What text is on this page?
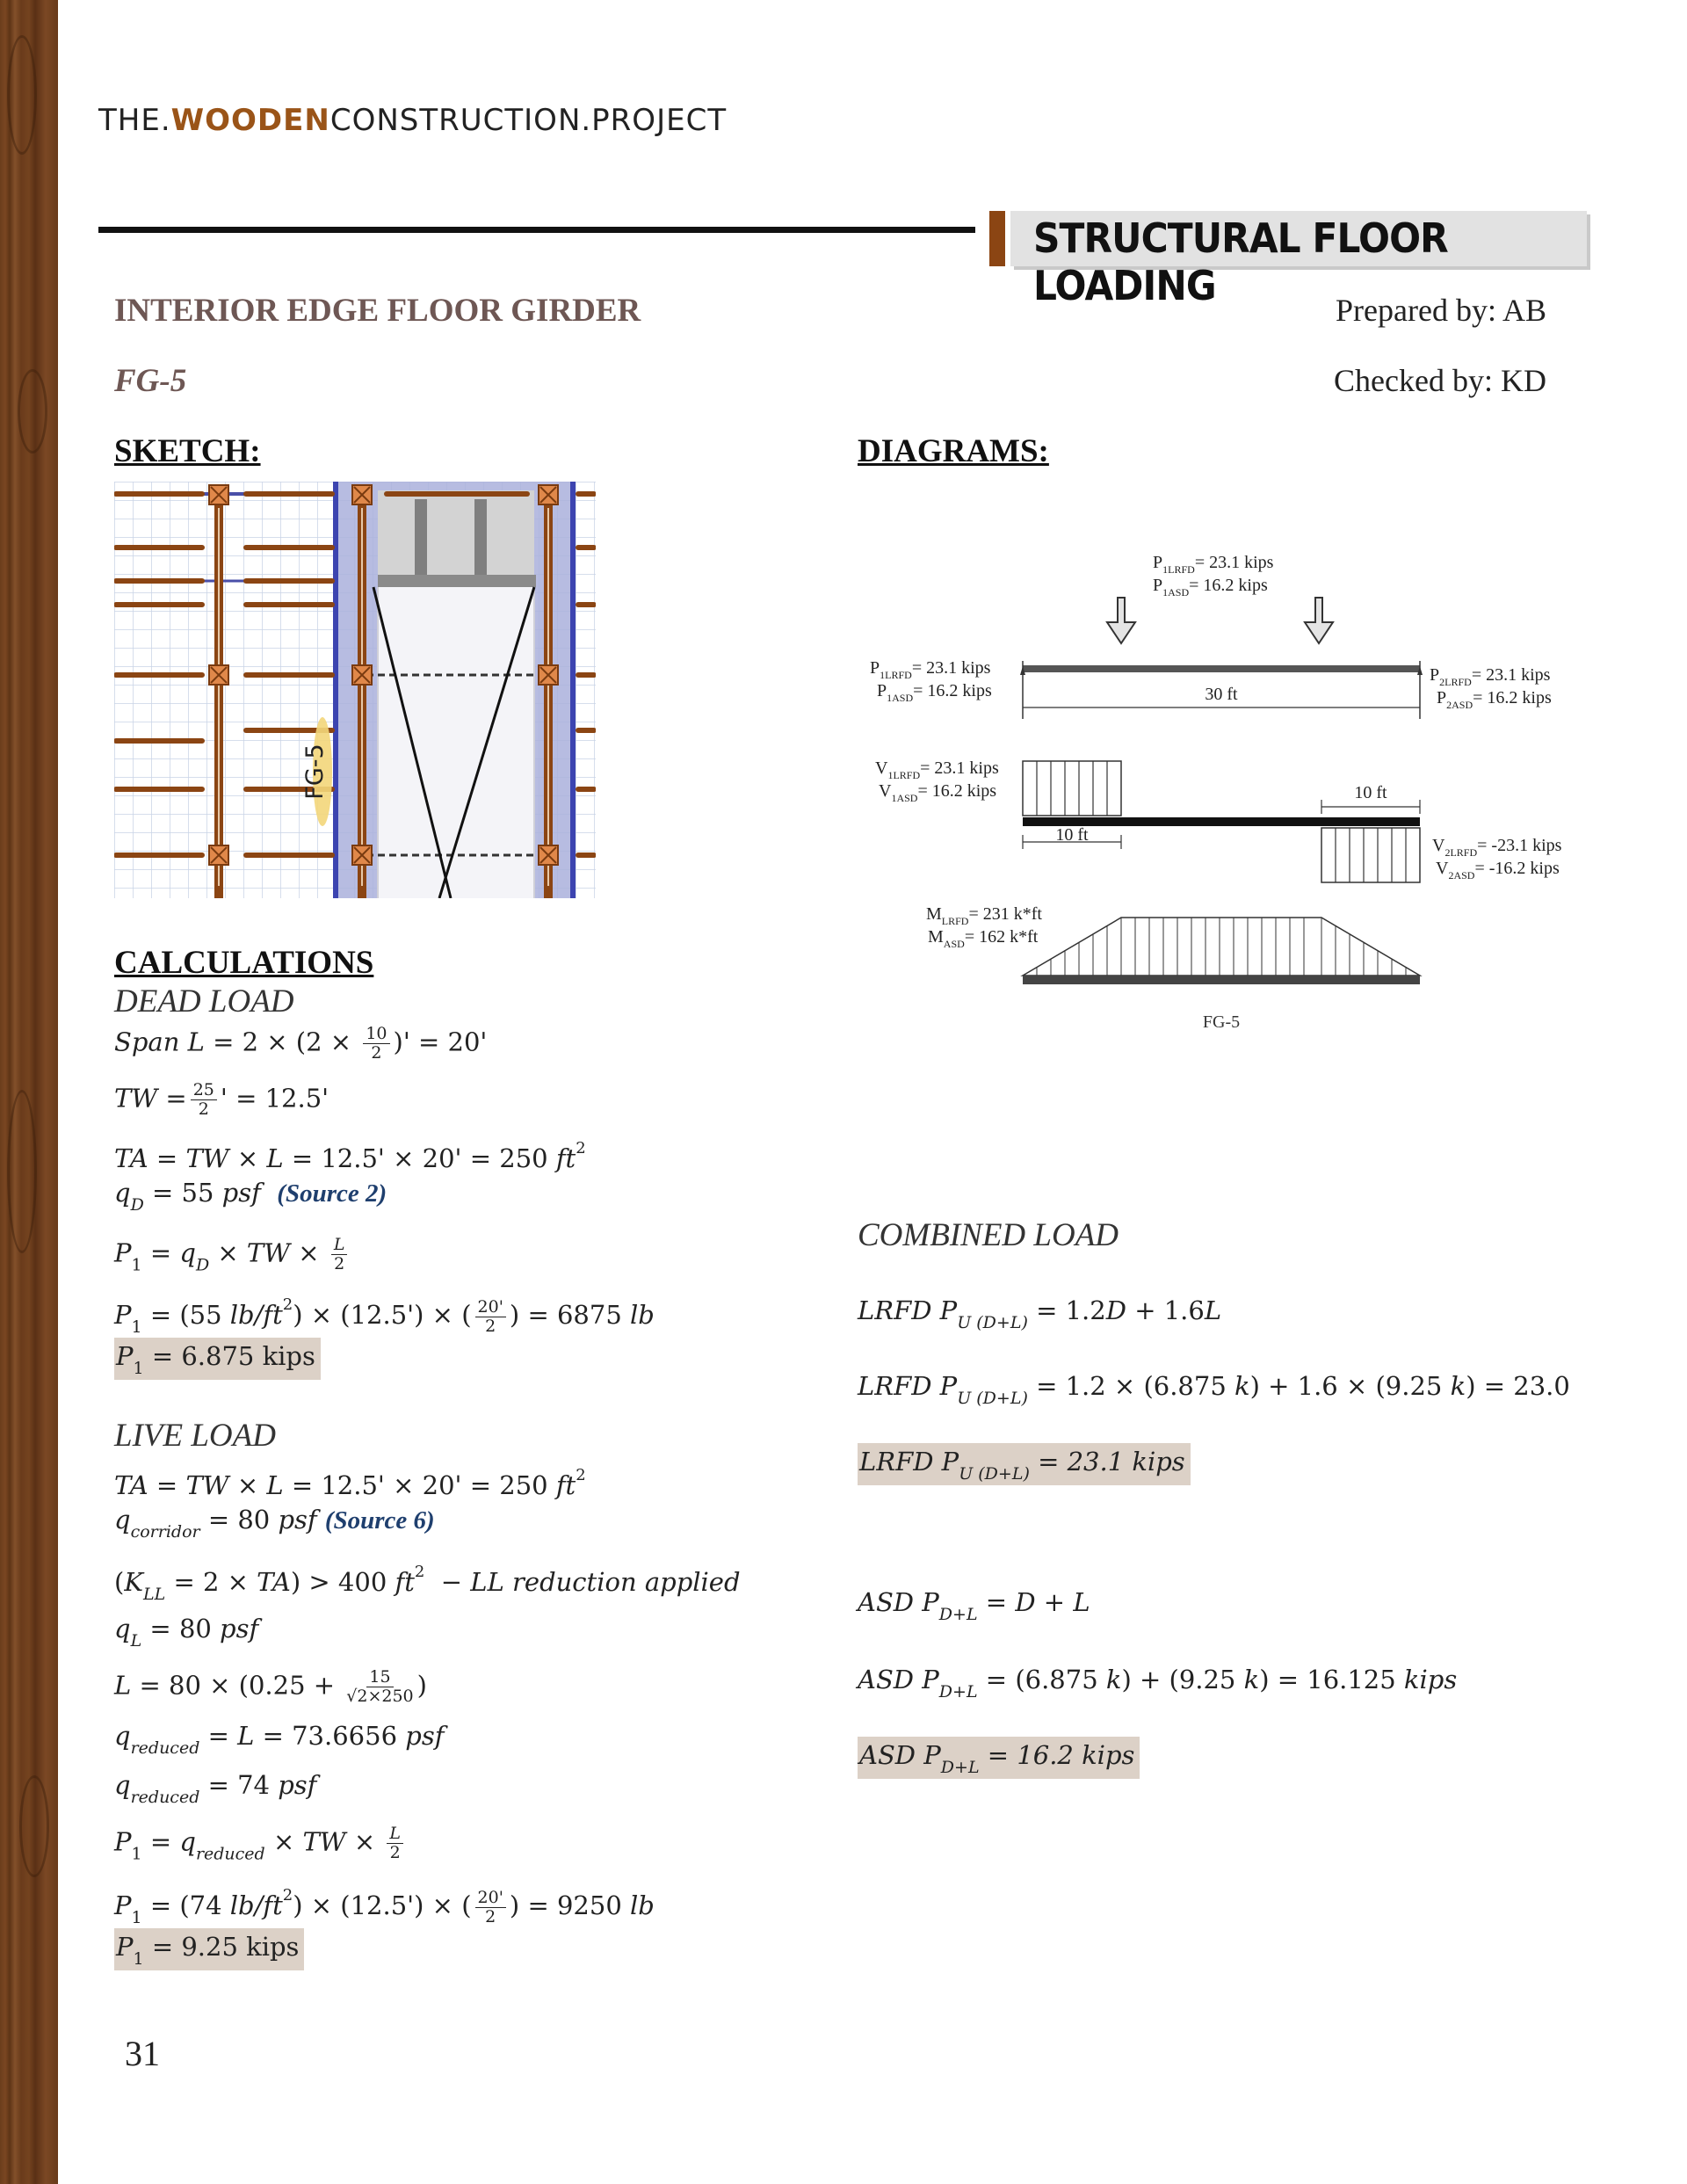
THE.WOODENCONSTRUCTION.PROJECT
STRUCTURAL FLOOR LOADING
INTERIOR EDGE FLOOR GIRDER
FG-5
Prepared by: AB
Checked by: KD
SKETCH:	DIAGRAMS:
FG-5
$P_{1LRFD}= 23.1$ kips
$P_{1ASD}= 16.2$ kips
30 ft
$P_{1LRFD}= 23.1$ kips
$P_{1ASD}= 16.2$ kips
$P_{2LRFD}= 23.1$ kips
$P_{2ASD}= 16.2$ kips
10 ft
10 ft
$V_{1LRFD}= 23.1$ kips
$V_{1ASD}= 16.2$ kips
$V_{2LRFD}= -23.1$ kips
$V_{2ASD}= -16.2$ kips
$M_{LRFD}= 231$ k*ft
$M_{ASD}= 162$ k*ft
FG-5
CALCULATIONS
DEAD LOAD
Span $L = 2 \times (2 \times \frac{10}{2}$ )' = 20'
TW = $\frac{25}{2}$ ' = 12.5'
TA = TW × L = 12.5' × 20' = 250 $ft^2$
$q_D = 55$ psf  (Source 2)
$P_1 = q_D$ × TW × $\frac{L}{2}$
$P_1 = (55$ $lb/ft^2) \times (12.5')$ × ( $\frac{20'}{2}$ ) = 6875 lb
$P_1 = 6.875$ kips
LIVE LOAD
TA = TW × L = 12.5' × 20' = 250 $ft^2$
$q_{corridor} = 80$ psf (Source 6)
$(K_{LL} = 2 \times TA) > 400$ $ft^2$ − LL reduction applied
$q_L = 80$ psf
$L = 80 \times (0.25 + \frac{15}{√2\times 250}$ )
$q_{reduced} = L = 73.6656$ psf
$q_{reduced} = 74$ psf
$P_1 = q_{reduced}$ × TW × $\frac{L}{2}$
$P_1 = (74$ $lb/ft^2) \times (12.5')$ × ( $\frac{20'}{2}$ ) = 9250 lb
$P_1 = 9.25$ kips
COMBINED LOAD
LRFD $P_{U (D+L)} = 1.2D + 1.6L$
LRFD $P_{U (D+L)} = 1.2 \times (6.875$ k) + 1.6 × (9.25 k) = 23.0
LRFD $P_{U (D+L)} = 23.1$ kips
ASD $P_{D+L} = D + L$
ASD $P_{D+L} = (6.875$ k) + (9.25 k) = 16.125 kips
ASD $P_{D+L} = 16.2$ kips
31
